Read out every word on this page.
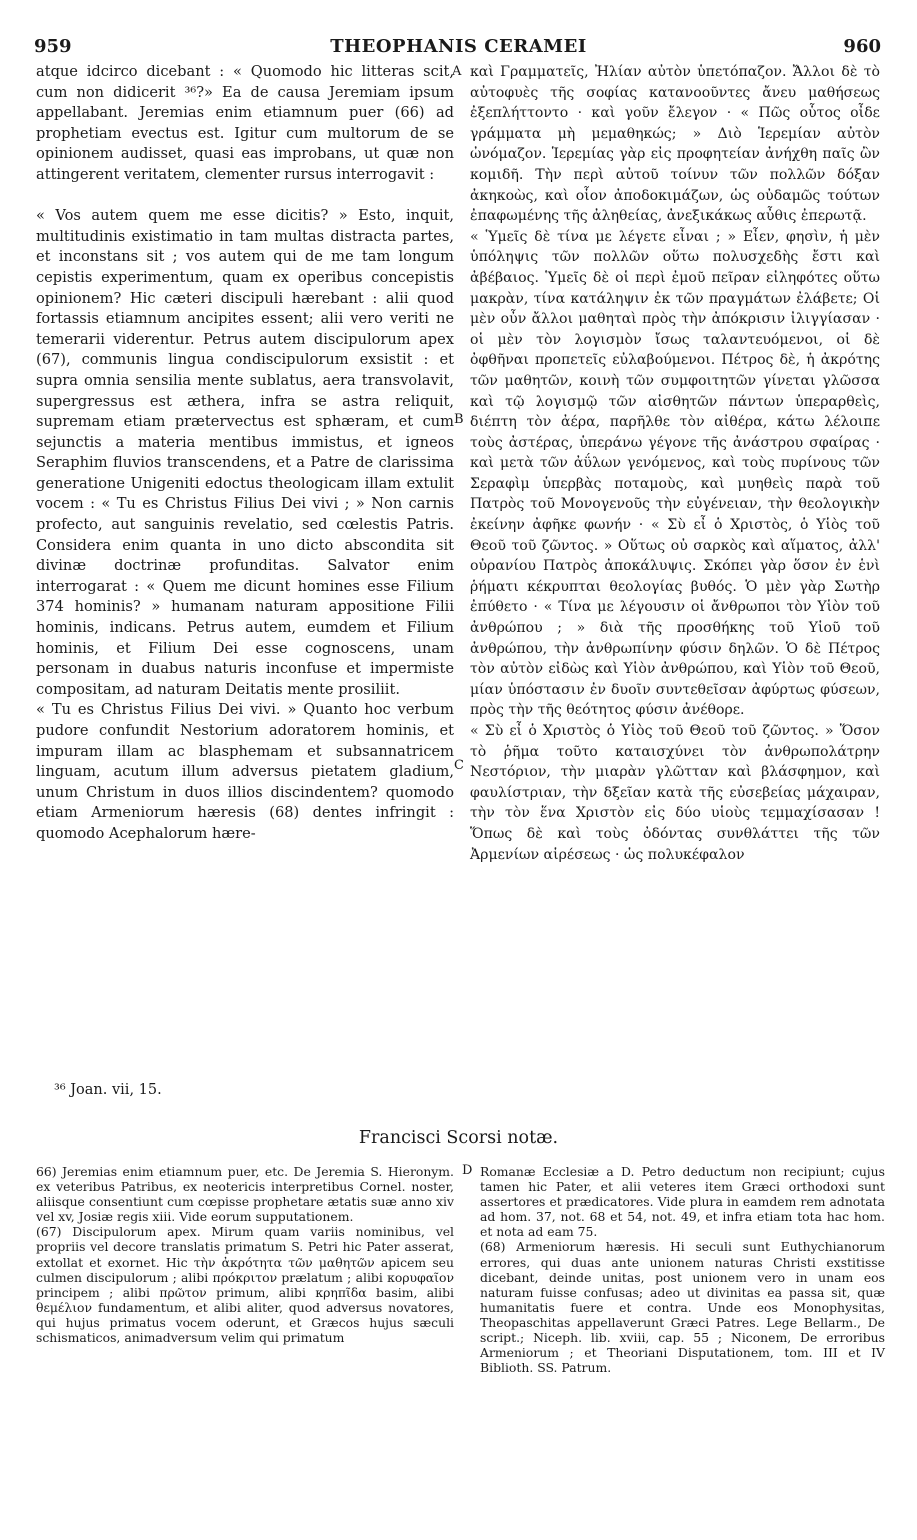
959	THEOPHANIS CERAMEI	960
atque idcirco dicebant : « Quomodo hic litteras scit, cum non didicerit ³⁶?» Ea de causa Jeremiam ipsum appellabant. Jeremias enim etiamnum puer (66) ad prophetiam evectus est. Igitur cum multorum de se opinionem audisset, quasi eas improbans, ut quæ non attingerent veritatem, clementer rursus interrogavit :

« Vos autem quem me esse dicitis? » Esto, inquit, multitudinis existimatio in tam multas distracta partes, et inconstans sit ; vos autem qui de me tam longum cepistis experimentum, quam ex operibus concepistis opinionem? Hic cæteri discipuli hærebant : alii quod fortassis etiamnum ancipites essent; alii vero veriti ne temerarii viderentur. Petrus autem discipulorum apex (67), communis lingua condiscipulorum exsistit : et supra omnia sensilia mente sublatus, aera transvolavit, supergressus est æthera, infra se astra reliquit, supremam etiam prætervectus est sphæram, et cum sejunctis a materia mentibus immistus, et igneos Seraphim fluvios transcendens, et a Patre de clarissima generatione Unigeniti edoctus theologicam illam extulit vocem : « Tu es Christus Filius Dei vivi ; » Non carnis profecto, aut sanguinis revelatio, sed cœlestis Patris. Considera enim quanta in uno dicto abscondita sit divinæ doctrinæ profunditas. Salvator enim interrogarat : « Quem me dicunt homines esse Filium 374 hominis? » humanam naturam appositione Filii hominis, indicans. Petrus autem, eumdem et Filium hominis, et Filium Dei esse cognoscens, unam personam in duabus naturis inconfuse et impermiste compositam, ad naturam Deitatis mente prosiliit.
« Tu es Christus Filius Dei vivi. » Quanto hoc verbum pudore confundit Nestorium adoratorem hominis, et impuram illam ac blasphemam et subsannatricem linguam, acutum illum adversus pietatem gladium, unum Christum in duos illios discindentem? quomodo etiam Armeniorum hæresis (68) dentes infringit : quomodo Acephalorum hære-
καὶ Γραμματεῖς, Ἠλίαν αὐτὸν ὑπετόπαζον. Ἄλλοι δὲ τὸ αὐτοφυὲς τῆς σοφίας κατανοοῦντες ἄνευ μαθήσεως ἐξεπλήττοντο · καὶ γοῦν ἔλεγον · « Πῶς οὗτος οἶδε γράμματα μὴ μεμαθηκώς; » Διὸ Ἱερεμίαν αὐτὸν ὠνόμαζον. Ἱερεμίας γὰρ εἰς προφητείαν ἀνήχθη παῖς ὢν κομιδῆ. Τὴν περὶ αὐτοῦ τοίνυν τῶν πολλῶν δόξαν ἀκηκοὼς, καὶ οἷον ἀποδοκιμάζων, ὡς οὐδαμῶς τούτων ἐπαφωμένης τῆς ἀληθείας, ἀνεξικάκως αὖθις ἐπερωτᾷ.
« Ὑμεῖς δὲ τίνα με λέγετε εἶναι ; » Εἶεν, φησὶν, ἡ μὲν ὑπόληψις τῶν πολλῶν οὕτω πολυσχεδὴς ἔστι καὶ ἀβέβαιος. Ὑμεῖς δὲ οἱ περὶ ἐμοῦ πεῖραν εἰληφότες οὕτω μακρὰν, τίνα κατάληψιν ἐκ τῶν πραγμάτων ἐλάβετε; Οἱ μὲν οὖν ἄλλοι μαθηταὶ πρὸς τὴν ἀπόκρισιν ἰλιγγίασαν · οἱ μὲν τὸν λογισμὸν ἴσως ταλαντευόμενοι, οἱ δὲ ὀφθῆναι προπετεῖς εὐλαβούμενοι. Πέτρος δὲ, ἡ ἀκρότης τῶν μαθητῶν, κοινὴ τῶν συμφοιτητῶν γίνεται γλῶσσα καὶ τῷ λογισμῷ τῶν αἰσθητῶν πάντων ὑπεραρθεὶς, διέπτη τὸν ἀέρα, παρῆλθε τὸν αἰθέρα, κάτω λέλοιπε τοὺς ἀστέρας, ὑπεράνω γέγονε τῆς ἀνάστρου σφαίρας · καὶ μετὰ τῶν ἀΰλων γενόμενος, καὶ τοὺς πυρίνους τῶν Σεραφὶμ ὑπερβὰς ποταμοὺς, καὶ μυηθεὶς παρὰ τοῦ Πατρὸς τοῦ Μονογενοῦς τὴν εὐγένειαν, τὴν θεολογικὴν ἐκείνην ἀφῆκε φωνήν · « Σὺ εἶ ὁ Χριστὸς, ὁ Υἱὸς τοῦ Θεοῦ τοῦ ζῶντος. » Οὕτως οὐ σαρκὸς καὶ αἵματος, ἀλλ' οὐρανίου Πατρὸς ἀποκάλυψις. Σκόπει γὰρ ὅσον ἐν ἑνὶ ῥήματι κέκρυπται θεολογίας βυθός. Ὁ μὲν γὰρ Σωτὴρ ἐπύθετο · « Τίνα με λέγουσιν οἱ ἄνθρωποι τὸν Υἱὸν τοῦ ἀνθρώπου ; » διὰ τῆς προσθήκης τοῦ Υἱοῦ τοῦ ἀνθρώπου, τὴν ἀνθρωπίνην φύσιν δηλῶν. Ὁ δὲ Πέτρος τὸν αὐτὸν εἰδὼς καὶ Υἱὸν ἀνθρώπου, καὶ Υἱὸν τοῦ Θεοῦ, μίαν ὑπόστασιν ἐν δυοῖν συντεθεῖσαν ἀφύρτως φύσεων, πρὸς τὴν τῆς θεότητος φύσιν ἀνέθορε.
« Σὺ εἶ ὁ Χριστὸς ὁ Υἱὸς τοῦ Θεοῦ τοῦ ζῶντος. » Ὅσον τὸ ῥῆμα τοῦτο καταισχύνει τὸν ἀνθρωπολάτρην Νεστόριον, τὴν μιαρὰν γλῶτταν καὶ βλάσφημον, καὶ φαυλίστριαν, τὴν δξεῖαν κατὰ τῆς εὐσεβείας μάχαιραν, τὴν τὸν ἕνα Χριστὸν εἰς δύο υἱοὺς τεμμαχίσασαν ! Ὅπως δὲ καὶ τοὺς ὀδόντας συνθλάττει τῆς τῶν Ἀρμενίων αἱρέσεως · ὡς πολυκέφαλον
A
B
C
D
³⁶ Joan. vii, 15.
Francisci Scorsi notæ.
66) Jeremias enim etiamnum puer, etc. De Jeremia S. Hieronym. ex veteribus Patribus, ex neotericis interpretibus Cornel. noster, aliisque consentiunt cum cœpisse prophetare ætatis suæ anno xiv vel xv, Josiæ regis xiii. Vide eorum supputationem.
(67) Discipulorum apex. Mirum quam variis nominibus, vel propriis vel decore translatis primatum S. Petri hic Pater asserat, extollat et exornet. Hic τὴν ἀκρότητα τῶν μαθητῶν apicem seu culmen discipulorum ; alibi πρόκριτον prælatum ; alibi κορυφαῖον principem ; alibi πρῶτον primum, alibi κρηπῖδα basim, alibi θεμέλιον fundamentum, et alibi aliter, quod adversus novatores, qui hujus primatus vocem oderunt, et Græcos hujus sæculi schismaticos, animadversum velim qui primatum
Romanæ Ecclesiæ a D. Petro deductum non recipiunt; cujus tamen hic Pater, et alii veteres item Græci orthodoxi sunt assertores et prædicatores. Vide plura in eamdem rem adnotata ad hom. 37, not. 68 et 54, not. 49, et infra etiam tota hac hom. et nota ad eam 75.
(68) Armeniorum hæresis. Hi seculi sunt Euthychianorum errores, qui duas ante unionem naturas Christi exstitisse dicebant, deinde unitas, post unionem vero in unam eos naturam fuisse confusas; adeo ut divinitas ea passa sit, quæ humanitatis fuere et contra. Unde eos Monophysitas, Theopaschitas appellaverunt Græci Patres. Lege Bellarm., De script.; Niceph. lib. xviii, cap. 55 ; Niconem, De erroribus Armeniorum ; et Theoriani Disputationem, tom. III et IV Biblioth. SS. Patrum.
